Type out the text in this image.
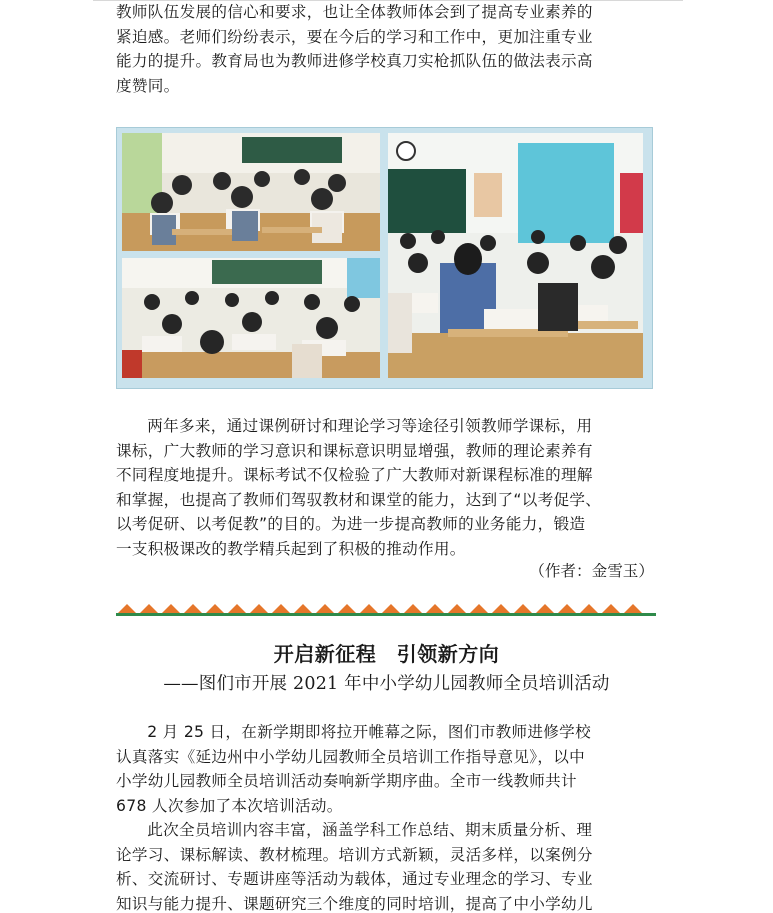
教师队伍发展的信心和要求，也让全体教师体会到了提高专业素养的
紧迫感。老师们纷纷表示，要在今后的学习和工作中，更加注重专业
能力的提升。教育局也为教师进修学校真刀实枪抓队伍的做法表示高
度赞同。
两年多来，通过课例研讨和理论学习等途径引领教师学课标，用
课标，广大教师的学习意识和课标意识明显增强，教师的理论素养有
不同程度地提升。课标考试不仅检验了广大教师对新课程标准的理解
和掌握，也提高了教师们驾驭教材和课堂的能力，达到了“以考促学、
以考促研、以考促教”的目的。为进一步提高教师的业务能力，锻造
一支积极课改的教学精兵起到了积极的推动作用。
（作者：金雪玉）
开启新征程　引领新方向
——图们市开展 2021 年中小学幼儿园教师全员培训活动
2 月 25 日，在新学期即将拉开帷幕之际，图们市教师进修学校
认真落实《延边州中小学幼儿园教师全员培训工作指导意见》，以中
小学幼儿园教师全员培训活动奏响新学期序曲。全市一线教师共计
678 人次参加了本次培训活动。
此次全员培训内容丰富，涵盖学科工作总结、期末质量分析、理
论学习、课标解读、教材梳理。培训方式新颖，灵活多样，以案例分
析、交流研讨、专题讲座等活动为载体，通过专业理念的学习、专业
知识与能力提升、课题研究三个维度的同时培训，提高了中小学幼儿
